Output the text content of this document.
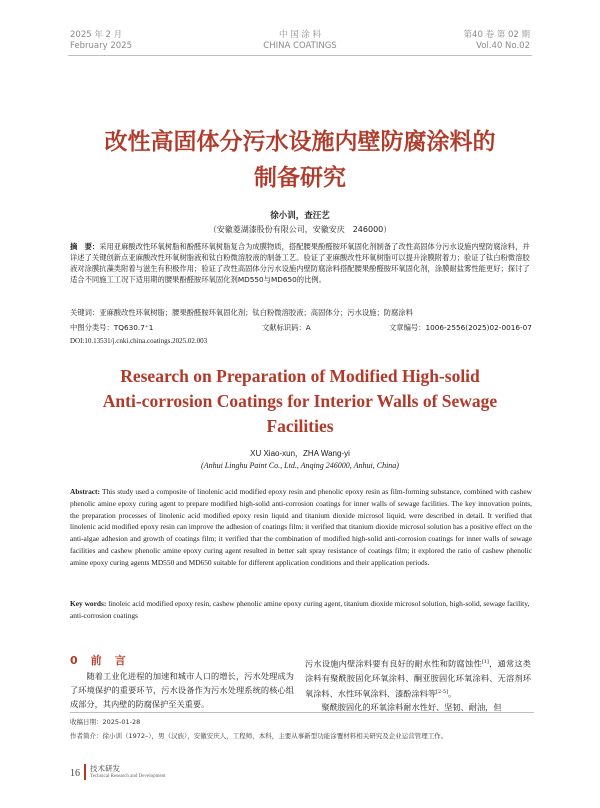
2025 年 2 月
February 2025
中 国 涂 料
CHINA COATINGS
第40 卷 第 02 期
Vol.40 No.02
改性高固体分污水设施内壁防腐涂料的
制备研究
徐小训，查汪艺
（安徽菱湖漆股份有限公司，安徽安庆　246000）
摘　要：采用亚麻酸改性环氧树脂和酚醛环氧树脂复合为成膜物质，搭配腰果酚醛胺环氧固化剂制备了改性高固体分污水设施内壁防腐涂料，并详述了关键创新点亚麻酸改性环氧树脂液和钛白粉微溶胶液的制备工艺。验证了亚麻酸改性环氧树脂可以提升涂膜附着力；验证了钛白粉微溶胶液对涂膜抗藻类附着与滋生有积极作用；验证了改性高固体分污水设施内壁防腐涂料搭配腰果酚醛胺环氧固化剂，涂膜耐盐雾性能更好；探讨了适合不同施工工况下适用期的腰果酚醛胺环氧固化剂MD550与MD650的比例。
关键词：亚麻酸改性环氧树脂；腰果酚醛胺环氧固化剂；钛白粉微溶胶液；高固体分；污水设施；防腐涂料
中图分类号：TQ630.7⁺1	文献标识码：A	文章编号：1006-2556(2025)02-0016-07
DOI:10.13531/j.cnki.china.coatings.2025.02.003
Research on Preparation of Modified High-solid
Anti-corrosion Coatings for Interior Walls of Sewage
Facilities
XU Xiao-xun，ZHA Wang-yi
(Anhui Linghu Paint Co., Ltd., Anqing 246000, Anhui, China)
Abstract: This study used a composite of linolenic acid modified epoxy resin and phenolic epoxy resin as film-forming substance, combined with cashew phenolic amine epoxy curing agent to prepare modified high-solid anti-corrosion coatings for inner walls of sewage facilities. The key innovation points, the preparation processes of linolenic acid modified epoxy resin liquid and titanium dioxide microsol liquid, were described in detail. It verified that linolenic acid modified epoxy resin can improve the adhesion of coatings film; it verified that titanium dioxide microsol solution has a positive effect on the anti-algae adhesion and growth of coatings film; it verified that the combination of modified high-solid anti-corrosion coatings for inner walls of sewage facilities and cashew phenolic amine epoxy curing agent resulted in better salt spray resistance of coatings film; it explored the ratio of cashew phenolic amine epoxy curing agents MD550 and MD650 suitable for different application conditions and their application periods.
Key words: linoleic acid modified epoxy resin, cashew phenolic amine epoxy curing agent, titanium dioxide microsol solution, high-solid, sewage facility, anti-corrosion coatings
0　前　言
随着工业化进程的加速和城市人口的增长，污水处理成为了环境保护的重要环节，污水设备作为污水处理系统的核心组成部分，其内壁的防腐保护至关重要。

污水设施内壁涂料要有良好的耐水性和防腐蚀性[1]，通常这类涂料有聚酰胺固化环氧涂料、酮亚胺固化环氧涂料、无溶剂环氧涂料、水性环氧涂料、漆酚涂料等[2-5]。

聚酰胺固化的环氧涂料耐水性好、坚韧、耐油，但

收稿日期：2025-01-28
作者简介：徐小训（1972–），男（汉族），安徽安庆人，工程师，本科，主要从事新型功能涂覆材料相关研究及企业运营管理工作。
16 技术研发
Technical Research and Development
